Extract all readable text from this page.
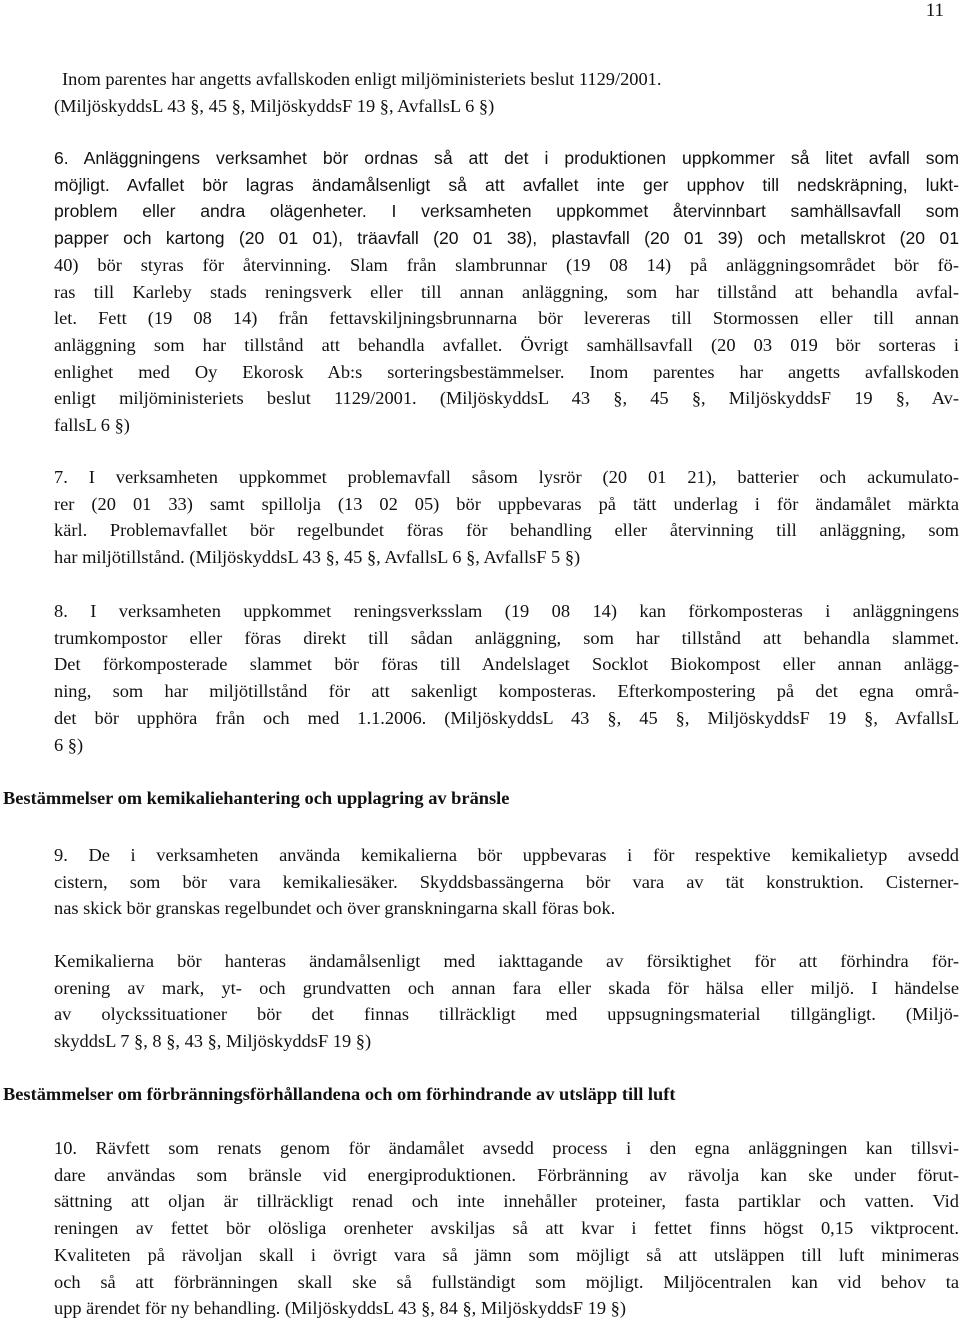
11
Inom parentes har angetts avfallskoden enligt miljöministeriets beslut 1129/2001.
(MiljöskyddsL 43 §, 45 §, MiljöskyddsF 19 §, AvfallsL 6 §)
6. Anläggningens verksamhet bör ordnas så att det i produktionen uppkommer så litet avfall som
möjligt. Avfallet bör lagras ändamålsenligt så att avfallet inte ger upphov till nedskräpning, lukt-
problem eller andra olägenheter. I verksamheten uppkommet återvinnbart samhällsavfall som
papper och kartong (20 01 01), träavfall (20 01 38), plastavfall (20 01 39) och metallskrot (20 01
40) bör styras för återvinning. Slam från slambrunnar (19 08 14) på anläggningsområdet bör fö-
ras till Karleby stads reningsverk eller till annan anläggning, som har tillstånd att behandla avfal-
let. Fett (19 08 14) från fettavskiljningsbrunnarna bör levereras till Stormossen eller till annan
anläggning som har tillstånd att behandla avfallet. Övrigt samhällsavfall (20 03 019 bör sorteras i
enlighet med Oy Ekorosk Ab:s sorteringsbestämmelser. Inom parentes har angetts avfallskoden
enligt miljöministeriets beslut 1129/2001. (MiljöskyddsL 43 §, 45 §, MiljöskyddsF 19 §, Av-
fallsL 6 §)
7. I verksamheten uppkommet problemavfall såsom lysrör (20 01 21), batterier och ackumulato-
rer (20 01 33) samt spillolja (13 02 05) bör uppbevaras på tätt underlag i för ändamålet märkta
kärl. Problemavfallet bör regelbundet föras för behandling eller återvinning till anläggning, som
har miljötillstånd. (MiljöskyddsL 43 §, 45 §, AvfallsL 6 §, AvfallsF 5 §)
8. I verksamheten uppkommet reningsverksslam (19 08 14) kan förkomposteras i anläggningens
trumkompostor eller föras direkt till sådan anläggning, som har tillstånd att behandla slammet.
Det förkomposterade slammet bör föras till Andelslaget Socklot Biokompost eller annan anlägg-
ning, som har miljötillstånd för att sakenligt komposteras. Efterkompostering på det egna områ-
det bör upphöra från och med 1.1.2006. (MiljöskyddsL 43 §, 45 §, MiljöskyddsF 19 §, AvfallsL
6 §)
Bestämmelser om kemikaliehantering och upplagring av bränsle
9. De i verksamheten använda kemikalierna bör uppbevaras i för respektive kemikalietyp avsedd
cistern, som bör vara kemikaliesäker. Skyddsbassängerna bör vara av tät konstruktion. Cisterner-
nas skick bör granskas regelbundet och över granskningarna skall föras bok.
Kemikalierna bör hanteras ändamålsenligt med iakttagande av försiktighet för att förhindra för-
orening av mark, yt- och grundvatten och annan fara eller skada för hälsa eller miljö. I händelse
av olyckssituationer bör det finnas tillräckligt med uppsugningsmaterial tillgängligt. (Miljö-
skyddsL 7 §, 8 §, 43 §, MiljöskyddsF 19 §)
Bestämmelser om förbränningsförhållandena och om förhindrande av utsläpp till luft
10. Rävfett som renats genom för ändamålet avsedd process i den egna anläggningen kan tillsvi-
dare användas som bränsle vid energiproduktionen. Förbränning av rävolja kan ske under förut-
sättning att oljan är tillräckligt renad och inte innehåller proteiner, fasta partiklar och vatten. Vid
reningen av fettet bör olösliga orenheter avskiljas så att kvar i fettet finns högst 0,15 viktprocent.
Kvaliteten på rävoljan skall i övrigt vara så jämn som möjligt så att utsläppen till luft minimeras
och så att förbränningen skall ske så fullständigt som möjligt. Miljöcentralen kan vid behov ta
upp ärendet för ny behandling. (MiljöskyddsL 43 §, 84 §, MiljöskyddsF 19 §)
